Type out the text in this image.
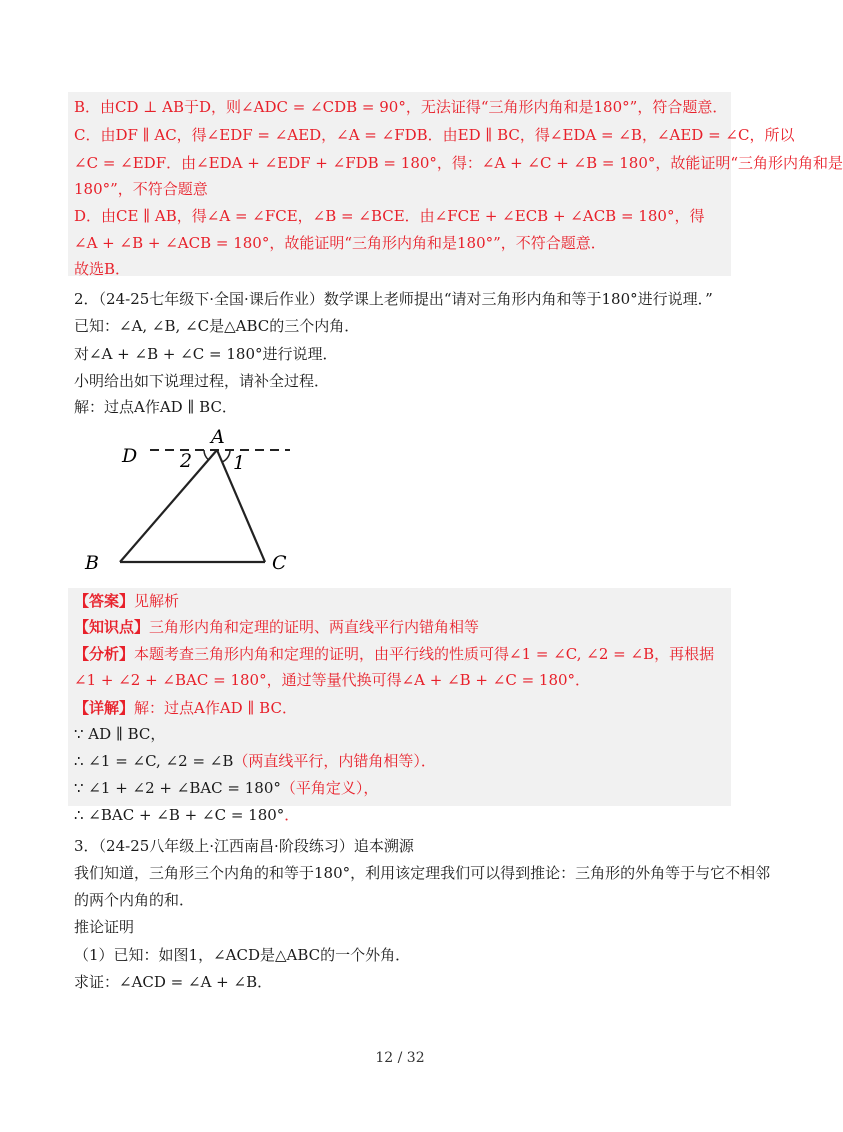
B．由CD ⊥ AB于D，则∠ADC = ∠CDB = 90°，无法证得“三角形内角和是180°”，符合题意．
C．由DF ∥ AC，得∠EDF = ∠AED，∠A = ∠FDB．由ED ∥ BC，得∠EDA = ∠B，∠AED = ∠C，所以
∠C = ∠EDF．由∠EDA + ∠EDF + ∠FDB = 180°，得：∠A + ∠C + ∠B = 180°，故能证明“三角形内角和是
180°”，不符合题意
D．由CE ∥ AB，得∠A = ∠FCE，∠B = ∠BCE．由∠FCE + ∠ECB + ∠ACB = 180°，得
∠A + ∠B + ∠ACB = 180°，故能证明“三角形内角和是180°”，不符合题意．
故选B．
2．（24-25七年级下·全国·课后作业）数学课上老师提出“请对三角形内角和等于180°进行说理．”
已知：∠A, ∠B, ∠C是△ABC的三个内角．
对∠A + ∠B + ∠C = 180°进行说理．
小明给出如下说理过程，请补全过程．
解：过点A作AD ∥ BC．
A
D 2 1
B	C
【答案】见解析
【知识点】三角形内角和定理的证明、两直线平行内错角相等
【分析】本题考查三角形内角和定理的证明，由平行线的性质可得∠1 = ∠C, ∠2 = ∠B，再根据
∠1 + ∠2 + ∠BAC = 180°，通过等量代换可得∠A + ∠B + ∠C = 180°．
【详解】解：过点A作AD ∥ BC．
∵ AD ∥ BC，
∴ ∠1 = ∠C, ∠2 = ∠B（两直线平行，内错角相等）．
∵ ∠1 + ∠2 + ∠BAC = 180°（平角定义），
∴ ∠BAC + ∠B + ∠C = 180°．
3．（24-25八年级上·江西南昌·阶段练习）追本溯源
我们知道，三角形三个内角的和等于180°，利用该定理我们可以得到推论：三角形的外角等于与它不相邻
的两个内角的和．
推论证明
（1）已知：如图1，∠ACD是△ABC的一个外角．
求证：∠ACD = ∠A + ∠B．
12 / 32
